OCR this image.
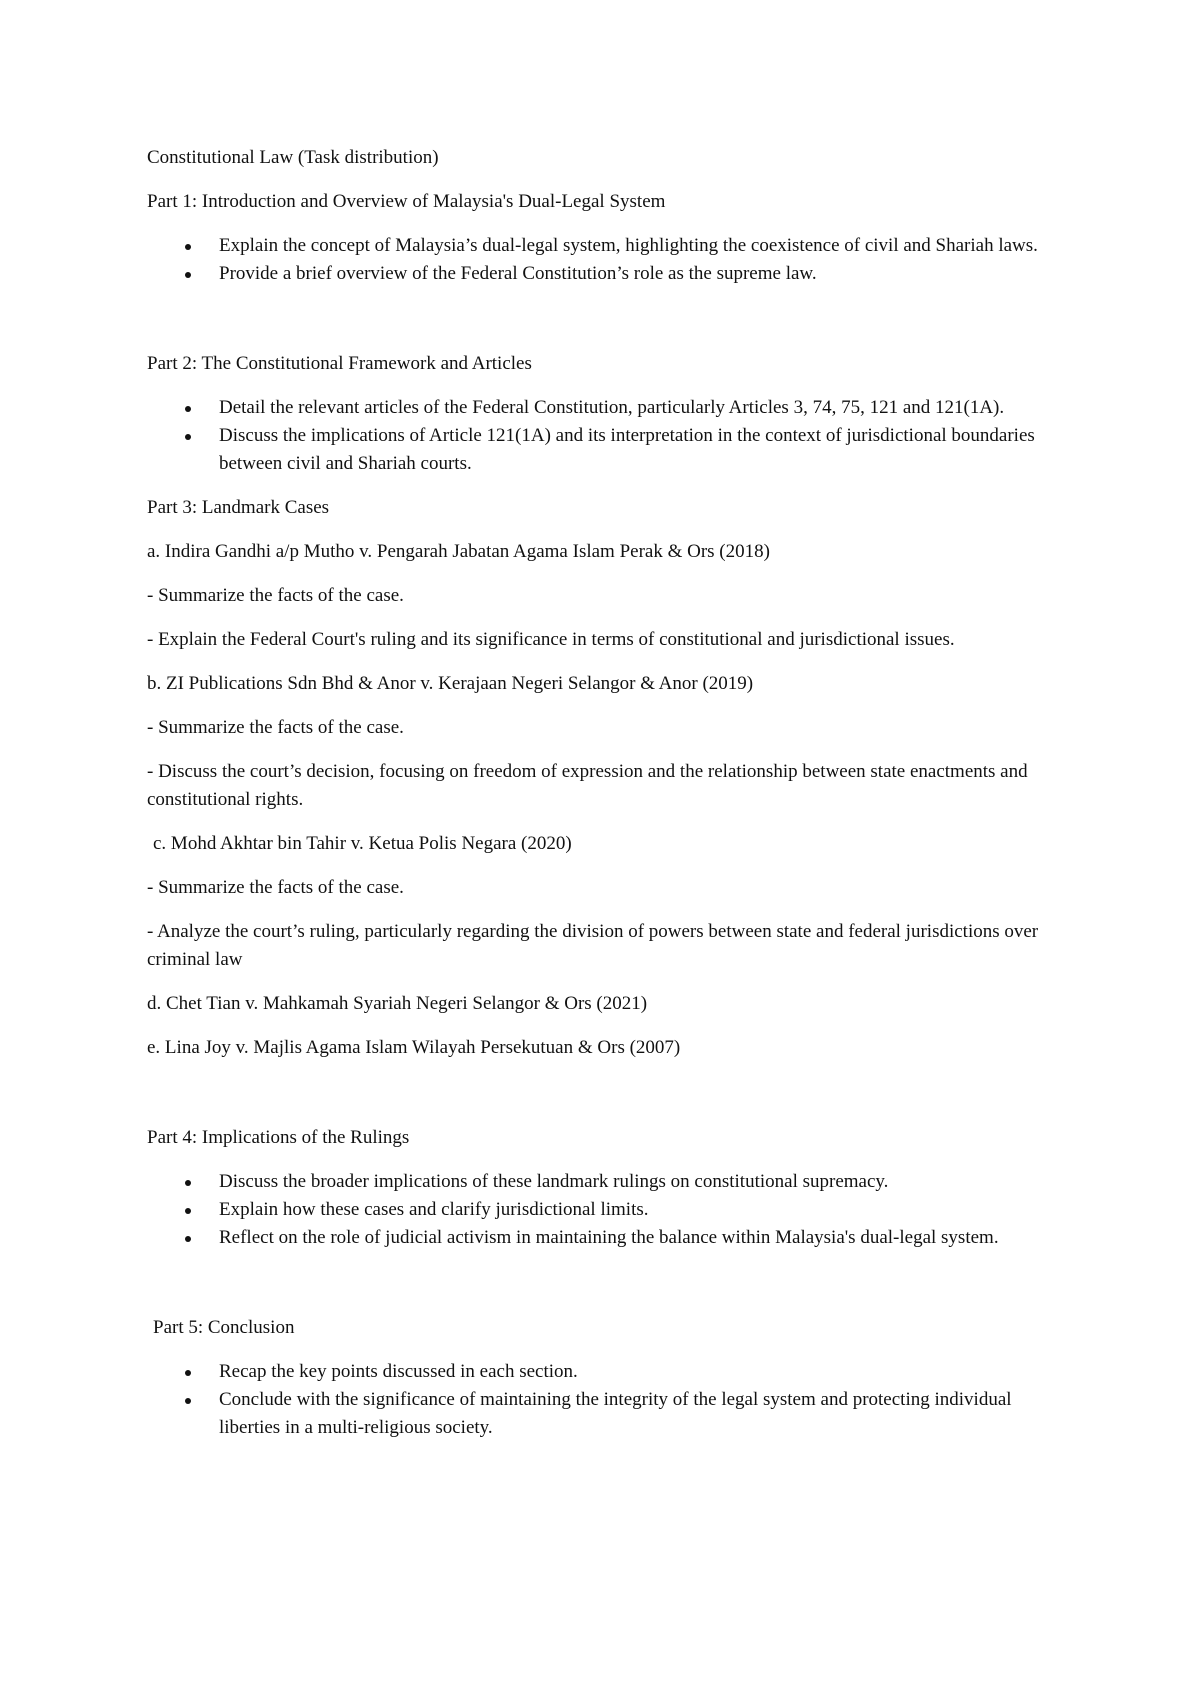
Constitutional Law (Task distribution)

Part 1: Introduction and Overview of Malaysia's Dual-Legal System

Explain the concept of Malaysia’s dual-legal system, highlighting the coexistence of civil and Shariah laws.
Provide a brief overview of the Federal Constitution’s role as the supreme law.

Part 2: The Constitutional Framework and Articles

Detail the relevant articles of the Federal Constitution, particularly Articles 3, 74, 75, 121 and 121(1A).
Discuss the implications of Article 121(1A) and its interpretation in the context of jurisdictional boundaries between civil and Shariah courts.

Part 3: Landmark Cases

a. Indira Gandhi a/p Mutho v. Pengarah Jabatan Agama Islam Perak & Ors (2018)

- Summarize the facts of the case.

- Explain the Federal Court's ruling and its significance in terms of constitutional and jurisdictional issues.

b. ZI Publications Sdn Bhd & Anor v. Kerajaan Negeri Selangor & Anor (2019)

- Summarize the facts of the case.

- Discuss the court’s decision, focusing on freedom of expression and the relationship between state enactments and constitutional rights.

c. Mohd Akhtar bin Tahir v. Ketua Polis Negara (2020)

- Summarize the facts of the case.

- Analyze the court’s ruling, particularly regarding the division of powers between state and federal jurisdictions over criminal law

d. Chet Tian v. Mahkamah Syariah Negeri Selangor & Ors (2021)

e. Lina Joy v. Majlis Agama Islam Wilayah Persekutuan & Ors (2007)

Part 4: Implications of the Rulings

Discuss the broader implications of these landmark rulings on constitutional supremacy.
Explain how these cases and clarify jurisdictional limits.
Reflect on the role of judicial activism in maintaining the balance within Malaysia's dual-legal system.

Part 5: Conclusion

Recap the key points discussed in each section.
Conclude with the significance of maintaining the integrity of the legal system and protecting individual liberties in a multi-religious society.
